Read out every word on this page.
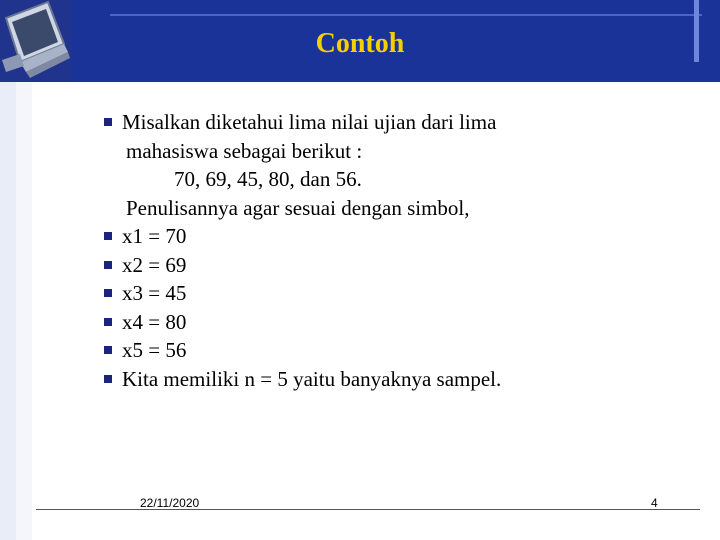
Contoh
Misalkan diketahui lima nilai ujian dari lima
mahasiswa sebagai berikut :
70, 69, 45, 80, dan 56.
Penulisannya agar sesuai dengan simbol,
x1 = 70
x2 = 69
x3 = 45
x4 = 80
x5 = 56
Kita memiliki n = 5 yaitu banyaknya sampel.
22/11/2020	4
